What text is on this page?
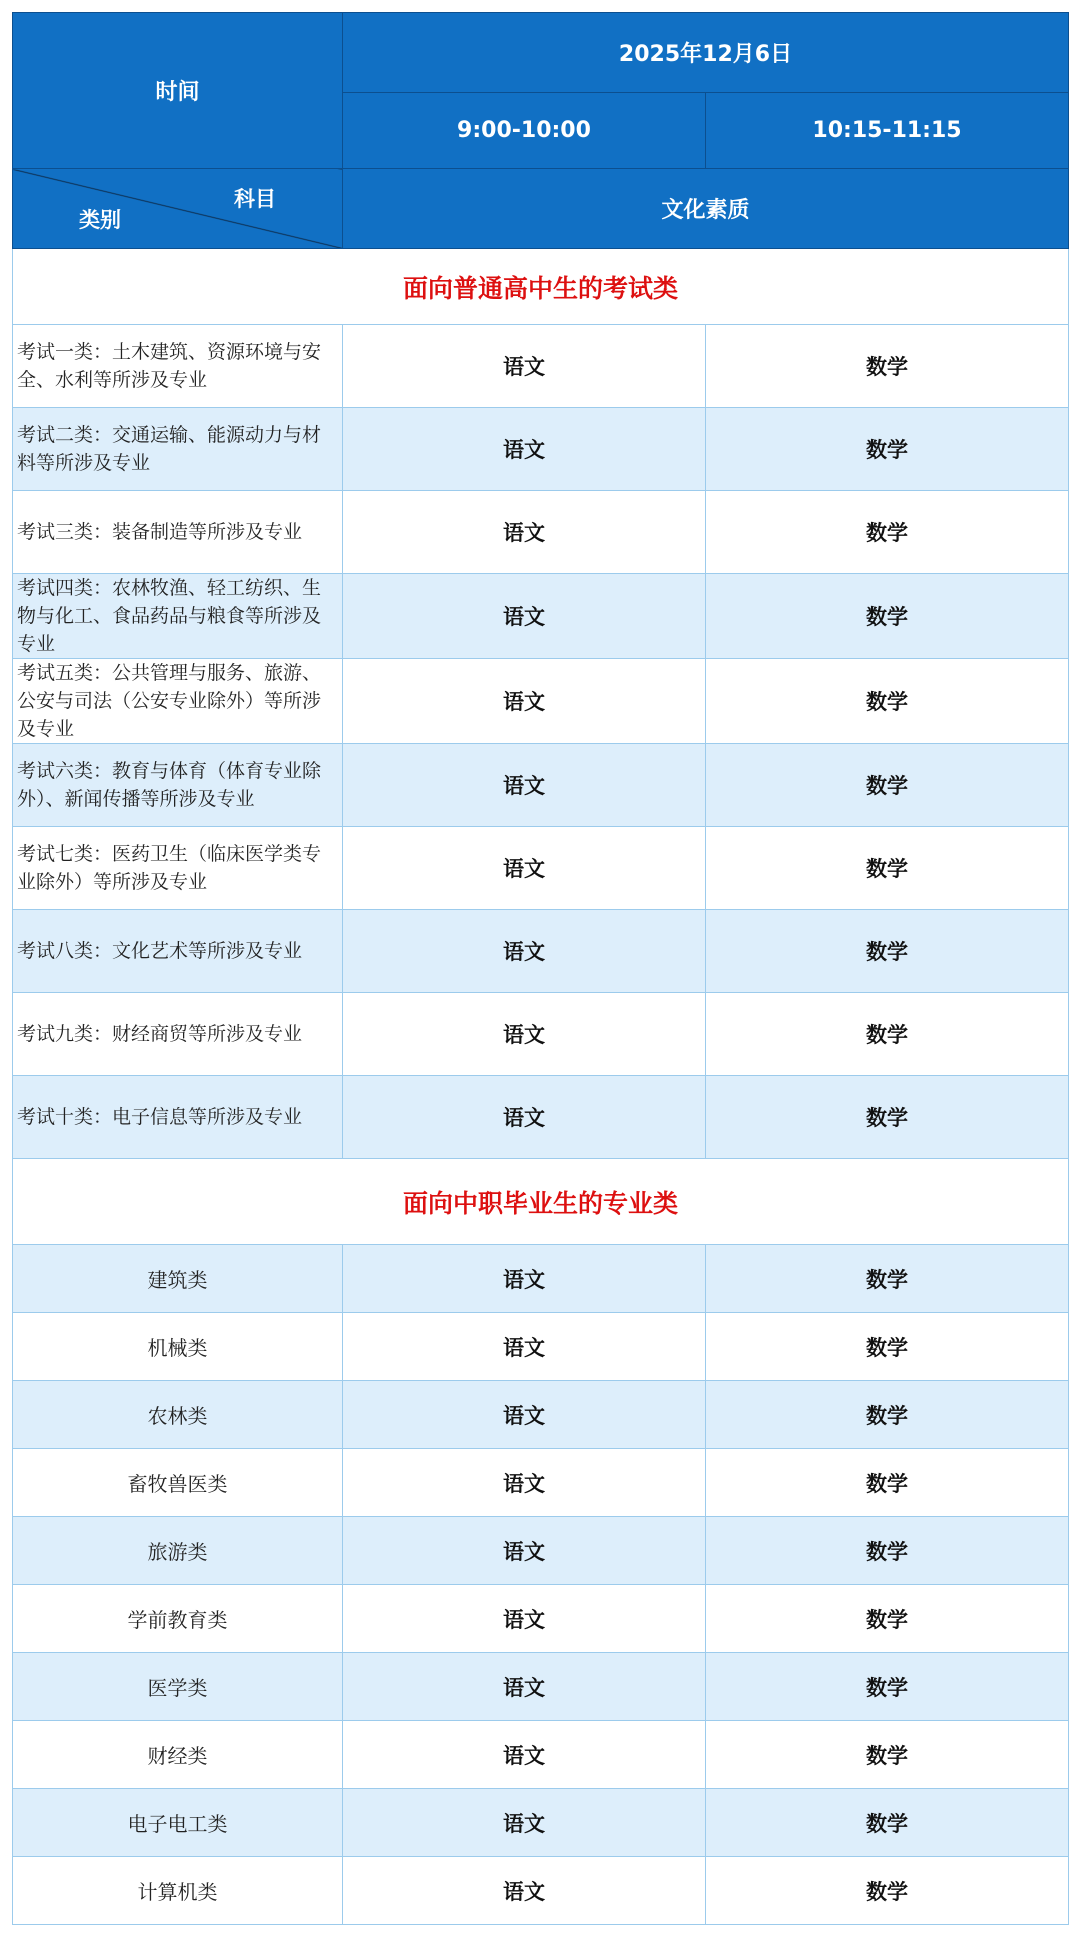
时间	2025年12月6日	
	9:00-10:00	10:15-11:15

科目
类别	文化素质	
面向普通高中生的考试类		
考试一类：土木建筑、资源环境与安全、水利等所涉及专业	语文	数学
考试二类：交通运输、能源动力与材料等所涉及专业	语文	数学
考试三类：装备制造等所涉及专业	语文	数学
考试四类：农林牧渔、轻工纺织、生物与化工、食品药品与粮食等所涉及专业	语文	数学
考试五类：公共管理与服务、旅游、公安与司法（公安专业除外）等所涉及专业	语文	数学
考试六类：教育与体育（体育专业除外）、新闻传播等所涉及专业	语文	数学
考试七类：医药卫生（临床医学类专业除外）等所涉及专业	语文	数学
考试八类：文化艺术等所涉及专业	语文	数学
考试九类：财经商贸等所涉及专业	语文	数学
考试十类：电子信息等所涉及专业	语文	数学
面向中职毕业生的专业类		
建筑类	语文	数学
机械类	语文	数学
农林类	语文	数学
畜牧兽医类	语文	数学
旅游类	语文	数学
学前教育类	语文	数学
医学类	语文	数学
财经类	语文	数学
电子电工类	语文	数学
计算机类	语文	数学
